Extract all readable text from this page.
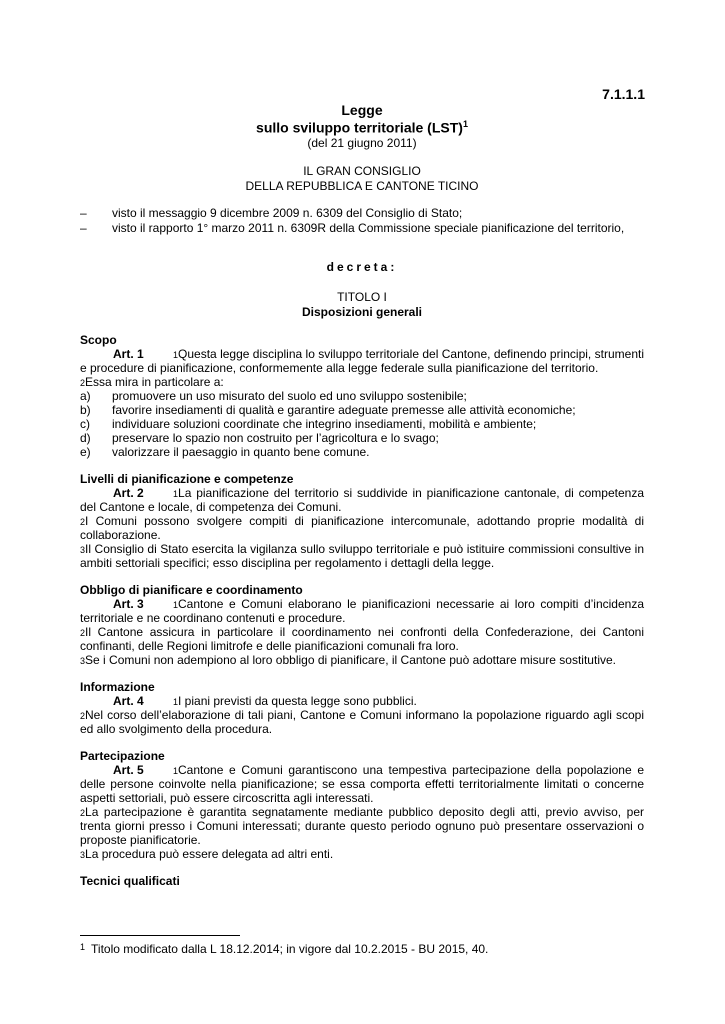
7.1.1.1
Legge
sullo sviluppo territoriale (LST)$^1$
(del 21 giugno 2011)
IL GRAN CONSIGLIO
DELLA REPUBBLICA E CANTONE TICINO
– visto il messaggio 9 dicembre 2009 n. 6309 del Consiglio di Stato;
– visto il rapporto 1° marzo 2011 n. 6309R della Commissione speciale pianificazione del territorio,
decreta:
TITOLO I
Disposizioni generali
Scopo
Art. 1	$^1$Questa legge disciplina lo sviluppo territoriale del Cantone, definendo principi, strumenti e procedure di pianificazione, conformemente alla legge federale sulla pianificazione del territorio.
$^2$Essa mira in particolare a:
a) promuovere un uso misurato del suolo ed uno sviluppo sostenibile;
b) favorire insediamenti di qualità e garantire adeguate premesse alle attività economiche;
c) individuare soluzioni coordinate che integrino insediamenti, mobilità e ambiente;
d) preservare lo spazio non costruito per l’agricoltura e lo svago;
e) valorizzare il paesaggio in quanto bene comune.
Livelli di pianificazione e competenze
Art. 2	$^1$La pianificazione del territorio si suddivide in pianificazione cantonale, di competenza del Cantone e locale, di competenza dei Comuni.
$^2$I Comuni possono svolgere compiti di pianificazione intercomunale, adottando proprie modalità di collaborazione.
$^3$Il Consiglio di Stato esercita la vigilanza sullo sviluppo territoriale e può istituire commissioni consultive in ambiti settoriali specifici; esso disciplina per regolamento i dettagli della legge.
Obbligo di pianificare e coordinamento
Art. 3	$^1$Cantone e Comuni elaborano le pianificazioni necessarie ai loro compiti d’incidenza territoriale e ne coordinano contenuti e procedure.
$^2$Il Cantone assicura in particolare il coordinamento nei confronti della Confederazione, dei Cantoni confinanti, delle Regioni limitrofe e delle pianificazioni comunali fra loro.
$^3$Se i Comuni non adempiono al loro obbligo di pianificare, il Cantone può adottare misure sostitutive.
Informazione
Art. 4	$^1$I piani previsti da questa legge sono pubblici.
$^2$Nel corso dell’elaborazione di tali piani, Cantone e Comuni informano la popolazione riguardo agli scopi ed allo svolgimento della procedura.
Partecipazione
Art. 5	$^1$Cantone e Comuni garantiscono una tempestiva partecipazione della popolazione e delle persone coinvolte nella pianificazione; se essa comporta effetti territorialmente limitati o concerne aspetti settoriali, può essere circoscritta agli interessati.
$^2$La partecipazione è garantita segnatamente mediante pubblico deposito degli atti, previo avviso, per trenta giorni presso i Comuni interessati; durante questo periodo ognuno può presentare osservazioni o proposte pianificatorie.
$^3$La procedura può essere delegata ad altri enti.
Tecnici qualificati
$^1$ Titolo modificato dalla L 18.12.2014; in vigore dal 10.2.2015 - BU 2015, 40.
